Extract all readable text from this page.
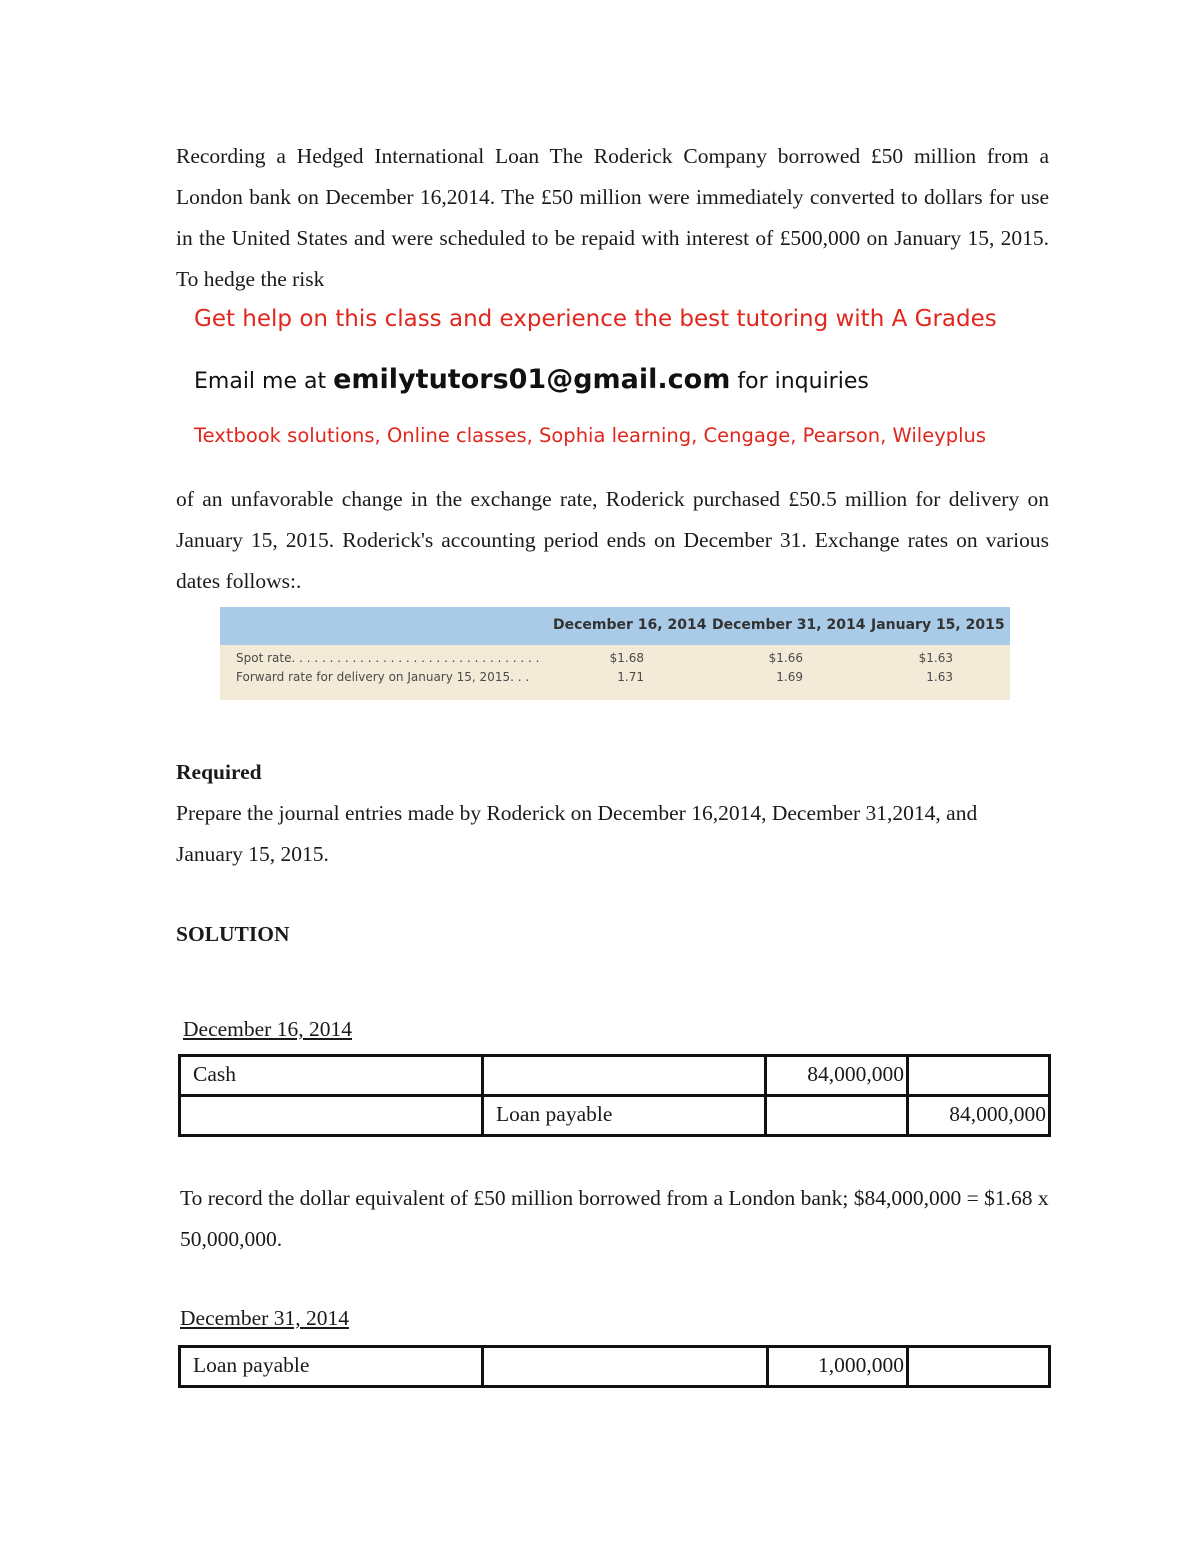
Recording a Hedged International Loan The Roderick Company borrowed £50 million from a London bank on December 16,2014. The £50 million were immediately converted to dollars for use in the United States and were scheduled to be repaid with interest of £500,000 on January 15, 2015. To hedge the risk
Get help on this class and experience the best tutoring with A Grades
Email me at emilytutors01@gmail.com for inquiries
Textbook solutions, Online classes, Sophia learning, Cengage, Pearson, Wileyplus
of an unfavorable change in the exchange rate, Roderick purchased £50.5 million for delivery on January 15, 2015. Roderick's accounting period ends on December 31. Exchange rates on various dates follows:.
December 16, 2014 December 31, 2014 January 15, 2015
Spot rate. . . . . . . . . . . . . . . . . . . . . . . . . . . . . . . . .	$1.68	$1.66	$1.63
Forward rate for delivery on January 15, 2015. . .	1.71	1.69	1.63
Required
Prepare the journal entries made by Roderick on December 16,2014, December 31,2014, and January 15, 2015.
SOLUTION
December 16, 2014
Cash		84,000,000	
	Loan payable		84,000,000
To record the dollar equivalent of £50 million borrowed from a London bank; $84,000,000 = $1.68 x 50,000,000.
December 31, 2014
Loan payable		1,000,000	
